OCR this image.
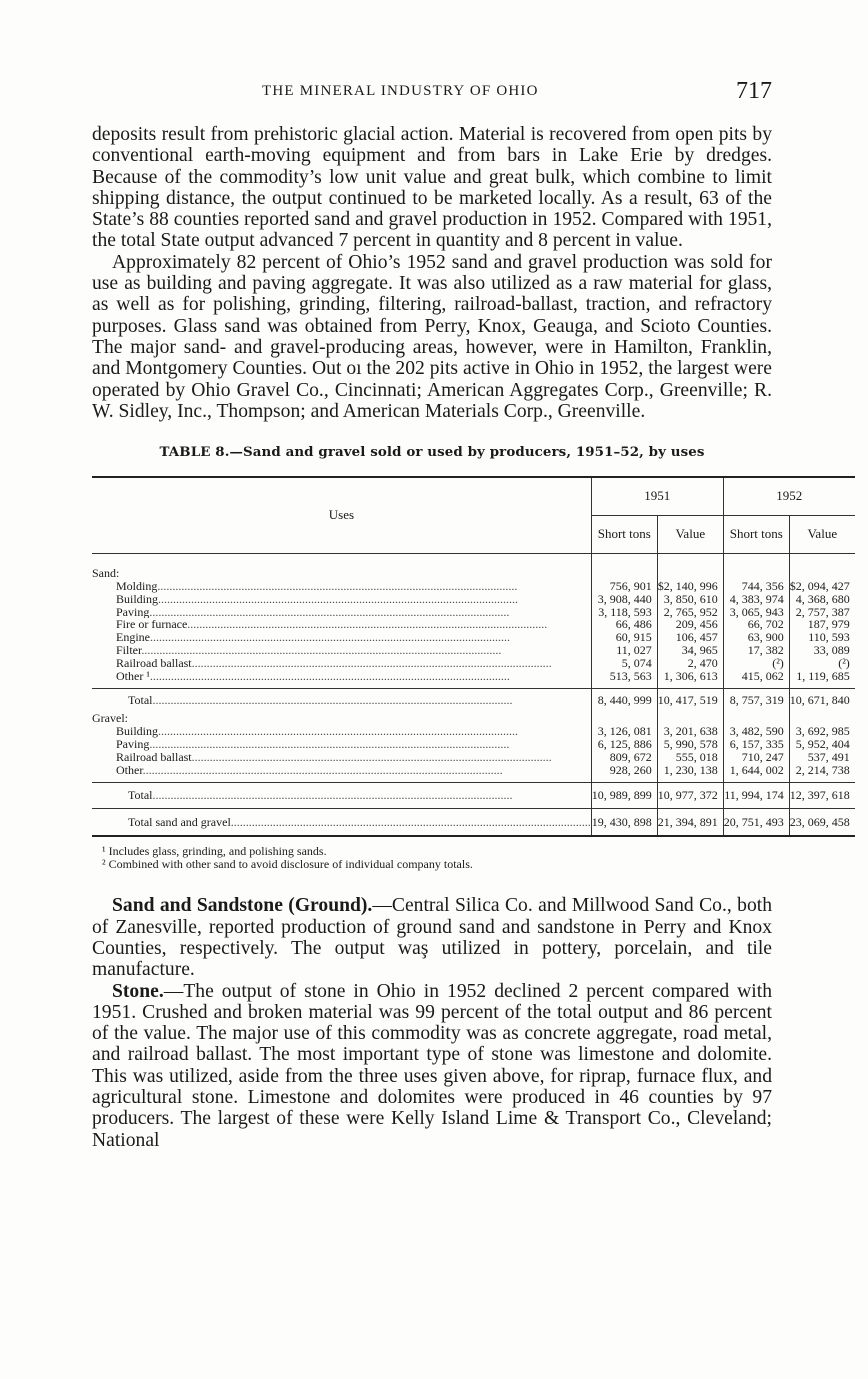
THE MINERAL INDUSTRY OF OHIO	717

deposits result from prehistoric glacial action. Material is recovered from open pits by conventional earth-moving equipment and from bars in Lake Erie by dredges. Because of the commodity’s low unit value and great bulk, which combine to limit shipping distance, the output continued to be marketed locally. As a result, 63 of the State’s 88 counties reported sand and gravel production in 1952. Compared with 1951, the total State output advanced 7 percent in quantity and 8 percent in value.

Approximately 82 percent of Ohio’s 1952 sand and gravel production was sold for use as building and paving aggregate. It was also utilized as a raw material for glass, as well as for polishing, grinding, filtering, railroad-ballast, traction, and refractory purposes. Glass sand was obtained from Perry, Knox, Geauga, and Scioto Counties. The major sand- and gravel-producing areas, however, were in Hamilton, Franklin, and Montgomery Counties. Out oı the 202 pits active in Ohio in 1952, the largest were operated by Ohio Gravel Co., Cincinnati; American Aggregates Corp., Greenville; R. W. Sidley, Inc., Thompson; and American Materials Corp., Greenville.

TABLE 8.—Sand and gravel sold or used by producers, 1951–52, by uses
Uses	1951		1952	
	Short tons	Value	Short tons	Value

Sand:				
Molding........................................................................................................................	756, 901	$2, 140, 996	744, 356	$2, 094, 427
Building........................................................................................................................	3, 908, 440	3, 850, 610	4, 383, 974	4, 368, 680
Paving........................................................................................................................	3, 118, 593	2, 765, 952	3, 065, 943	2, 757, 387
Fire or furnace........................................................................................................................	66, 486	209, 456	66, 702	187, 979
Engine........................................................................................................................	60, 915	106, 457	63, 900	110, 593
Filter........................................................................................................................	11, 027	34, 965	17, 382	33, 089
Railroad ballast........................................................................................................................	5, 074	2, 470	(²)	(²)
Other ¹........................................................................................................................	513, 563	1, 306, 613	415, 062	1, 119, 685

Total........................................................................................................................	8, 440, 999	10, 417, 519	8, 757, 319	10, 671, 840
Gravel:				
Building........................................................................................................................	3, 126, 081	3, 201, 638	3, 482, 590	3, 692, 985
Paving........................................................................................................................	6, 125, 886	5, 990, 578	6, 157, 335	5, 952, 404
Railroad ballast........................................................................................................................	809, 672	555, 018	710, 247	537, 491
Other........................................................................................................................	928, 260	1, 230, 138	1, 644, 002	2, 214, 738

Total........................................................................................................................	10, 989, 899	10, 977, 372	11, 994, 174	12, 397, 618
Total sand and gravel........................................................................................................................	19, 430, 898	21, 394, 891	20, 751, 493	23, 069, 458
¹ Includes glass, grinding, and polishing sands.
² Combined with other sand to avoid disclosure of individual company totals.

Sand and Sandstone (Ground).—Central Silica Co. and Millwood Sand Co., both of Zanesville, reported production of ground sand and sandstone in Perry and Knox Counties, respectively. The output waş utilized in pottery, porcelain, and tile manufacture.

Stone.—The output of stone in Ohio in 1952 declined 2 percent compared with 1951. Crushed and broken material was 99 percent of the total output and 86 percent of the value. The major use of this commodity was as concrete aggregate, road metal, and railroad ballast. The most important type of stone was limestone and dolomite. This was utilized, aside from the three uses given above, for riprap, furnace flux, and agricultural stone. Limestone and dolomites were produced in 46 counties by 97 producers. The largest of these were Kelly Island Lime & Transport Co., Cleveland; National
